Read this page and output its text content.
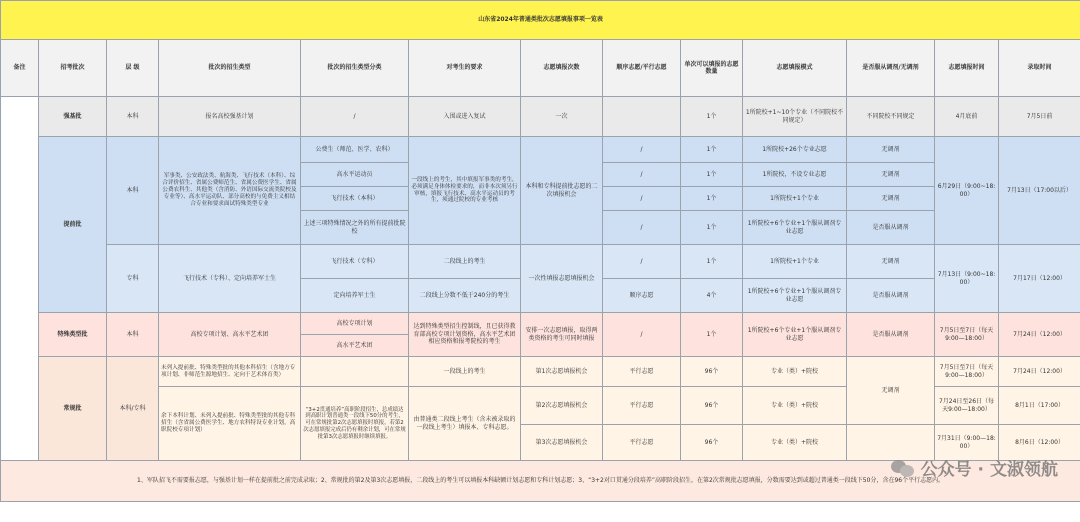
山东省2024年普通类批次志愿填报事项一览表												
备注	招考批次	层 级	批次的招生类型	批次的招生类型分类	对考生的要求	志愿填报次数	顺序志愿/平行志愿	单次可以填报的志愿数量	志愿填报模式	是否服从调剂/无调剂	志愿填报时间	录取时间
	强基批	本科	报名高校强基计划	/	入围或进入复试	一次		1个	1所院校+1~10个专业（不同院校不同规定）	不同院校不同规定	4月底前	7月5日前
	提前批	本科	军事类、公安政法类、航海类、飞行技术（本科）、综合评价招生、省属公费师范生、省属公费医学生、省属公费农科生、其他类（含消防、外语国际交流类院校及专业等）、高水平运动队、部分高校的与免费主义相结合专业和要求面试特殊类型专业	公费生（师范、医学、农科）	一段线上的考生，其中填报军事类的考生，必须满足身体体检要求的，而非本次须另行审核，填报飞行技术、高水平运动员的考生，须通过院校的专业考核	本科和专科提前批志愿的二次填报机会	/	1个	1所院校+26个专业志愿	无调剂	6月29日（9:00~18:00）	7月13日（17:00以后）
				高水平运动员			/	1个	1所院校，不设专业志愿	无调剂		
				飞行技术（本科）			/	1个	1所院校+1个专业	无调剂		
				上述三项特殊情况之外的所有提前批院校			/	1个	1所院校+6个专业+1个服从调剂专业志愿	是否服从调剂		
		专科	飞行技术（专科）、定向培养军士生	飞行技术（专科）	二段线上的考生	一次性填报志愿填报机会	/	1个	1所院校+1个专业	无调剂	7月13日（9:00~18:00）	7月17日（12:00）
				定向培养军士生	二段线上分数不低于240分的考生		顺序志愿	4个	1所院校+6个专业+1个服从调剂专业志愿	是否服从调剂		
	特殊类型批	本科	高校专项计划、高水平艺术团	高校专项计划	达到特殊类型招生控制线，且已获得教育部高校专项计划资格，高水平艺术团相应资格和报考院校的考生	安排一次志愿填报，取得两类资格的考生可同时填报	/	1个	1所院校+6个专业+1个服从调剂专业志愿	是否服从调剂	7月5日至7日（每天9:00—18:00）	7月24日（12:00）
				高水平艺术团								
	常规批	本科/专科	未列入提前批、特殊类型批的其他本科招生（含地方专项计划、非师范生源地招生、定向于艺术体育类）		一段线上的考生	第1次志愿填报机会	平行志愿	96个	专业（类）+院校	无调剂	7月5日至7日（每天9:00—18:00）	7月24日（12:00）
			余下本科计划、未列入提前批、特殊类型批的其他专科招生（含省属公费医学生、地方农科特设专业计划，高职院校专项计划）	“3+2贯通培养”高职阶段招生，总成绩达到高职计划普通类一段线下50分的考生，可在常规批第2次志愿填报时填报，若第2次志愿填报完成后仍有剩余计划，可在常规批第3次志愿填报时继续填报。	由普通类二段线上考生（含未被录取的一段线上考生）填报本、专科志愿。	第2次志愿填报机会	平行志愿	96个	专业（类）+院校		7月24日至26日（每天9:00—18:00）	8月1日（17:00）
						第3次志愿填报机会	平行志愿	96个	专业（类）+院校		7月31日（9:00—18:00）	8月6日（12:00）
1、军队招飞不需要报志愿，与强基计划一样在提前批之前完成录取；2、常规批的第2及第3次志愿填报，二段线上的考生可以填报本科缺额计划志愿和专科计划志愿；3、“3+2对口贯通分段培养”高职阶段招生，在第2次常规批志愿填报，分数需要达到或超过普通类一段线下50分，含在96个平行志愿内。												
公众号 · 文淑领航
